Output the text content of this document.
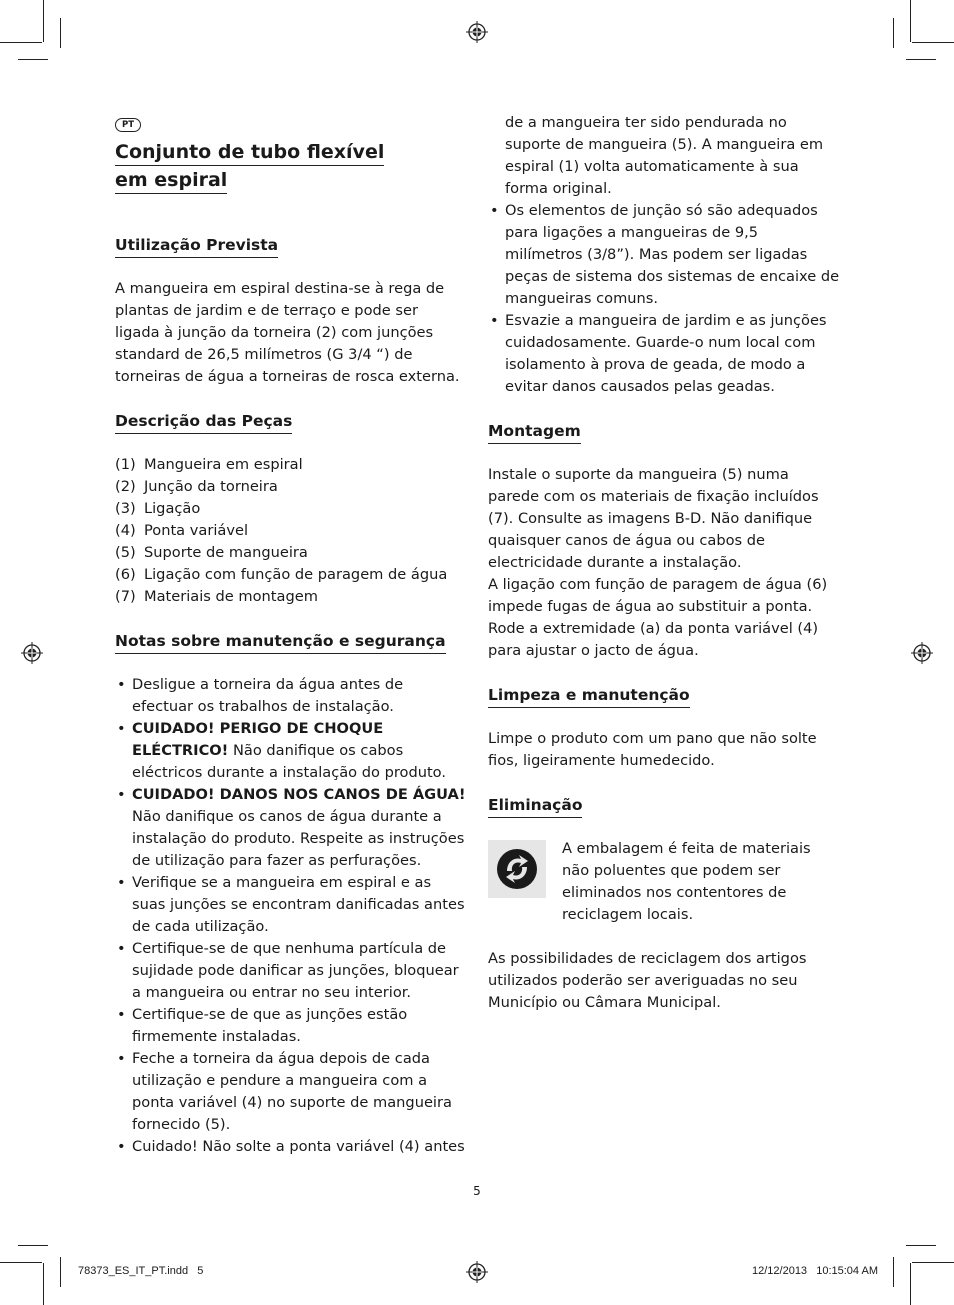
PT
Conjunto de tubo flexível
em espiral
Utilização Prevista

A mangueira em espiral destina-se à rega de plantas de jardim e de terraço e pode ser ligada à junção da torneira (2) com junções standard de 26,5 milímetros (G 3/4 “) de torneiras de água a torneiras de rosca externa.

Descrição das Peças
(1) Mangueira em espiral
(2) Junção da torneira
(3) Ligação
(4) Ponta variável
(5) Suporte de mangueira
(6) Ligação com função de paragem de água
(7) Materiais de montagem
Notas sobre manutenção e segurança
• Desligue a torneira da água antes de efectuar os trabalhos de instalação.
• CUIDADO! PERIGO DE CHOQUE ELÉCTRICO! Não danifique os cabos eléctricos durante a instalação do produto.
• CUIDADO! DANOS NOS CANOS DE ÁGUA! Não danifique os canos de água durante a instalação do produto. Respeite as instruções de utilização para fazer as perfurações.
• Verifique se a mangueira em espiral e as suas junções se encontram danificadas antes de cada utilização.
• Certifique-se de que nenhuma partícula de sujidade pode danificar as junções, bloquear a mangueira ou entrar no seu interior.
• Certifique-se de que as junções estão firmemente instaladas.
• Feche a torneira da água depois de cada utilização e pendure a mangueira com a ponta variável (4) no suporte de mangueira fornecido (5).
• Cuidado! Não solte a ponta variável (4) antes
de a mangueira ter sido pendurada no suporte de mangueira (5). A mangueira em espiral (1) volta automaticamente à sua forma original.
• Os elementos de junção só são adequados para ligações a mangueiras de 9,5 milímetros (3/8”). Mas podem ser ligadas peças de sistema dos sistemas de encaixe de mangueiras comuns.
• Esvazie a mangueira de jardim e as junções cuidadosamente. Guarde-o num local com isolamento à prova de geada, de modo a evitar danos causados pelas geadas.
Montagem

Instale o suporte da mangueira (5) numa parede com os materiais de fixação incluídos (7). Consulte as imagens B-D. Não danifique quaisquer canos de água ou cabos de electricidade durante a instalação.
A ligação com função de paragem de água (6) impede fugas de água ao substituir a ponta. Rode a extremidade (a) da ponta variável (4) para ajustar o jacto de água.

Limpeza e manutenção

Limpe o produto com um pano que não solte fios, ligeiramente humedecido.

Eliminação
A embalagem é feita de materiais não poluentes que podem ser eliminados nos contentores de reciclagem locais.

As possibilidades de reciclagem dos artigos utilizados poderão ser averiguadas no seu Município ou Câmara Municipal.

5
78373_ES_IT_PT.indd   5	12/12/2013   10:15:04 AM
